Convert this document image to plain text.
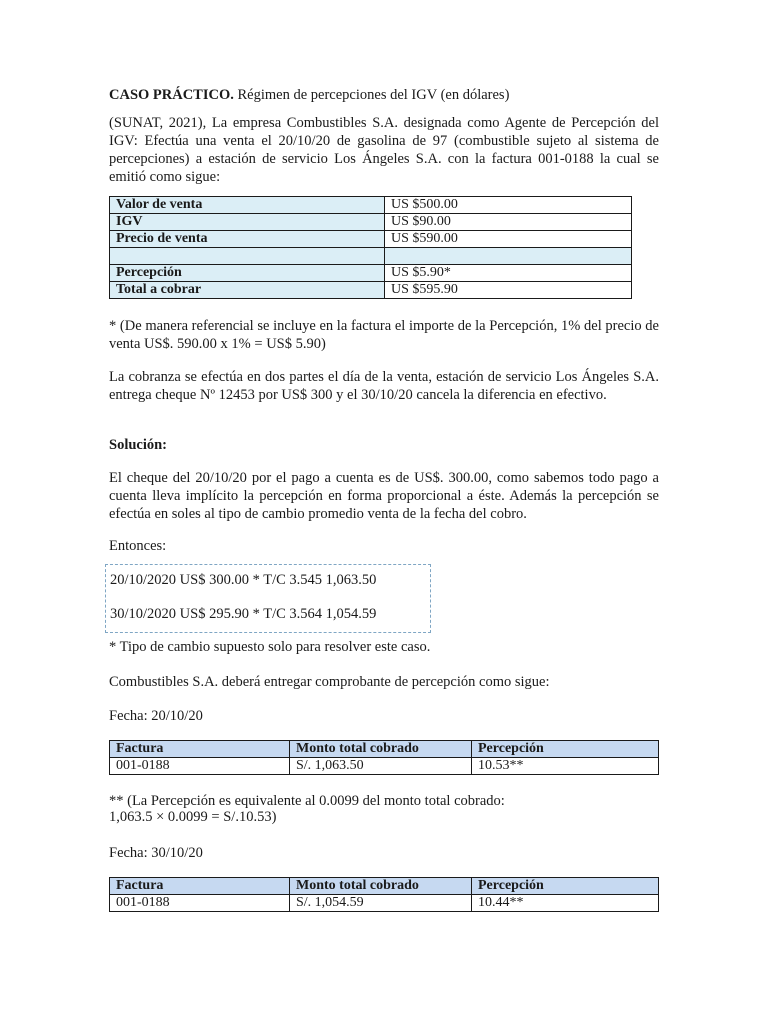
CASO PRÁCTICO. Régimen de percepciones del IGV (en dólares)

(SUNAT, 2021), La empresa Combustibles S.A. designada como Agente de Percepción del IGV: Efectúa una venta el 20/10/20 de gasolina de 97 (combustible sujeto al sistema de percepciones) a estación de servicio Los Ángeles S.A. con la factura 001-0188 la cual se emitió como sigue:

Valor de venta	US $500.00
IGV	US $90.00
Precio de venta	US $590.00

Percepción	US $5.90*
Total a cobrar	US $595.90

* (De manera referencial se incluye en la factura el importe de la Percepción, 1% del precio de venta US$. 590.00 x 1% = US$ 5.90)

La cobranza se efectúa en dos partes el día de la venta, estación de servicio Los Ángeles S.A. entrega cheque Nº 12453 por US$ 300 y el 30/10/20 cancela la diferencia en efectivo.

Solución:

El cheque del 20/10/20 por el pago a cuenta es de US$. 300.00, como sabemos todo pago a cuenta lleva implícito la percepción en forma proporcional a éste. Además la percepción se efectúa en soles al tipo de cambio promedio venta de la fecha del cobro.

Entonces:

20/10/2020 US$ 300.00 * T/C 3.545 1,063.50
30/10/2020 US$ 295.90 * T/C 3.564 1,054.59

* Tipo de cambio supuesto solo para resolver este caso.

Combustibles S.A. deberá entregar comprobante de percepción como sigue:

Fecha: 20/10/20

Factura	Monto total cobrado	Percepción
001-0188	S/. 1,063.50	10.53**

** (La Percepción es equivalente al 0.0099 del monto total cobrado:

1,063.5 × 0.0099 = S/.10.53)

Fecha: 30/10/20

Factura	Monto total cobrado	Percepción
001-0188	S/. 1,054.59	10.44**
